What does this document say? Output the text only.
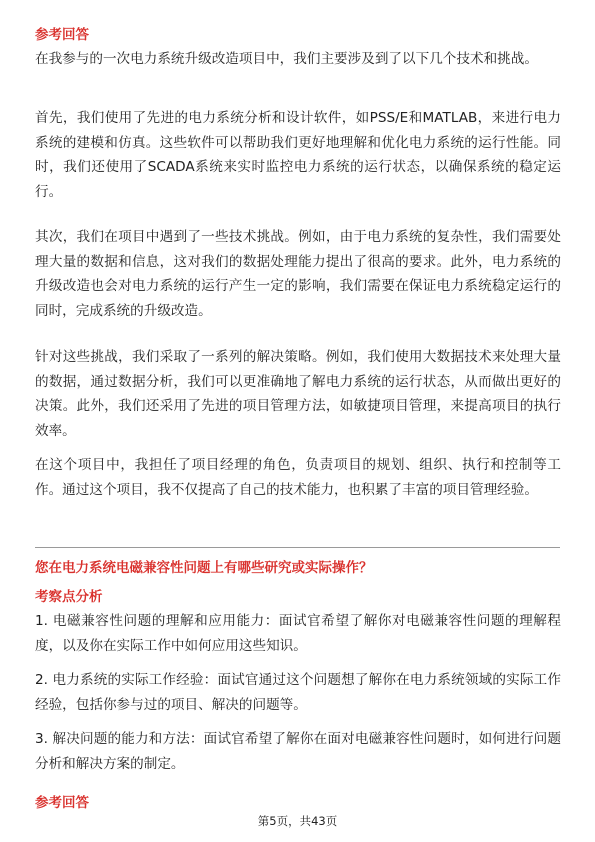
参考回答
在我参与的一次电力系统升级改造项目中，我们主要涉及到了以下几个技术和挑战。
首先，我们使用了先进的电力系统分析和设计软件，如PSS/E和MATLAB，来进行电力系统的建模和仿真。这些软件可以帮助我们更好地理解和优化电力系统的运行性能。同时，我们还使用了SCADA系统来实时监控电力系统的运行状态，以确保系统的稳定运行。
其次，我们在项目中遇到了一些技术挑战。例如，由于电力系统的复杂性，我们需要处理大量的数据和信息，这对我们的数据处理能力提出了很高的要求。此外，电力系统的升级改造也会对电力系统的运行产生一定的影响，我们需要在保证电力系统稳定运行的同时，完成系统的升级改造。
针对这些挑战，我们采取了一系列的解决策略。例如，我们使用大数据技术来处理大量的数据，通过数据分析，我们可以更准确地了解电力系统的运行状态，从而做出更好的决策。此外，我们还采用了先进的项目管理方法，如敏捷项目管理，来提高项目的执行效率。
在这个项目中，我担任了项目经理的角色，负责项目的规划、组织、执行和控制等工作。通过这个项目，我不仅提高了自己的技术能力，也积累了丰富的项目管理经验。
您在电力系统电磁兼容性问题上有哪些研究或实际操作？
考察点分析
1. 电磁兼容性问题的理解和应用能力：面试官希望了解你对电磁兼容性问题的理解程度，以及你在实际工作中如何应用这些知识。
2. 电力系统的实际工作经验：面试官通过这个问题想了解你在电力系统领域的实际工作经验，包括你参与过的项目、解决的问题等。
3. 解决问题的能力和方法：面试官希望了解你在面对电磁兼容性问题时，如何进行问题分析和解决方案的制定。
参考回答
第5页，共43页
